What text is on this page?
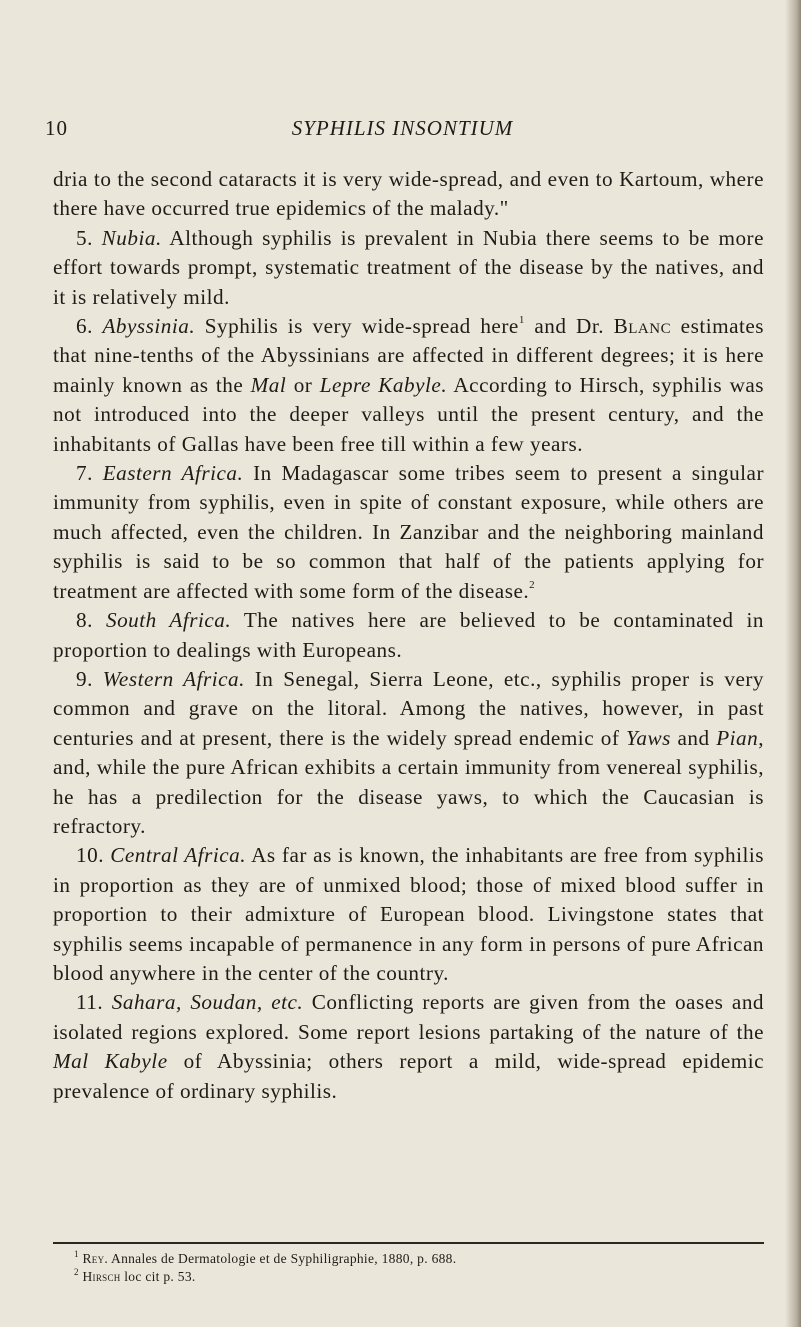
10	SYPHILIS INSONTIUM

dria to the second cataracts it is very wide-spread, and even to Kartoum, where there have occurred true epidemics of the malady."

5. Nubia. Although syphilis is prevalent in Nubia there seems to be more effort towards prompt, systematic treatment of the disease by the natives, and it is relatively mild.

6. Abyssinia. Syphilis is very wide-spread here$^1$ and Dr. Blanc estimates that nine-tenths of the Abyssinians are affected in different degrees; it is here mainly known as the Mal or Lepre Kabyle. According to Hirsch, syphilis was not introduced into the deeper valleys until the present century, and the inhabitants of Gallas have been free till within a few years.

7. Eastern Africa. In Madagascar some tribes seem to present a singular immunity from syphilis, even in spite of constant exposure, while others are much affected, even the children. In Zanzibar and the neighboring mainland syphilis is said to be so common that half of the patients applying for treatment are affected with some form of the disease.$^2$

8. South Africa. The natives here are believed to be contaminated in proportion to dealings with Europeans.

9. Western Africa. In Senegal, Sierra Leone, etc., syphilis proper is very common and grave on the litoral. Among the natives, however, in past centuries and at present, there is the widely spread endemic of Yaws and Pian, and, while the pure African exhibits a certain immunity from venereal syphilis, he has a predilection for the disease yaws, to which the Caucasian is refractory.

10. Central Africa. As far as is known, the inhabitants are free from syphilis in proportion as they are of unmixed blood; those of mixed blood suffer in proportion to their admixture of European blood. Livingstone states that syphilis seems incapable of permanence in any form in persons of pure African blood anywhere in the center of the country.

11. Sahara, Soudan, etc. Conflicting reports are given from the oases and isolated regions explored. Some report lesions partaking of the nature of the Mal Kabyle of Abyssinia; others report a mild, wide-spread epidemic prevalence of ordinary syphilis.

$^1$ Rey. Annales de Dermatologie et de Syphiligraphie, 1880, p. 688.
$^2$ Hirsch loc cit p. 53.
